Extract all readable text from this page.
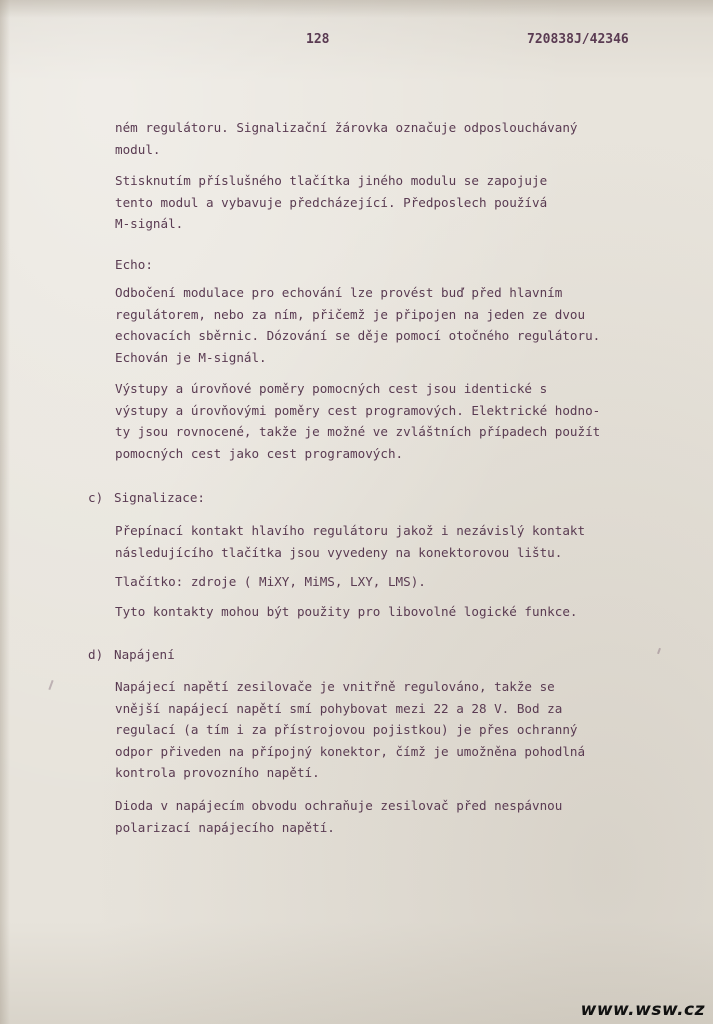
128	720838J/42346
ném regulátoru. Signalizační žárovka označuje odposlouchávaný
modul.
Stisknutím příslušného tlačítka jiného modulu se zapojuje
tento modul a vybavuje předcházející. Předposlech používá
M-signál.
Echo:
Odbočení modulace pro echování lze provést buď před hlavním
regulátorem, nebo za ním, přičemž je připojen na jeden ze dvou
echovacích sběrnic. Dózování se děje pomocí otočného regulátoru.
Echován je M-signál.
Výstupy a úrovňové poměry pomocných cest jsou identické s
výstupy a úrovňovými poměry cest programových. Elektrické hodno-
ty jsou rovnocené, takže je možné ve zvláštních případech použít
pomocných cest jako cest programových.
c) Signalizace:
Přepínací kontakt hlavího regulátoru jakož i nezávislý kontakt
následujícího tlačítka jsou vyvedeny na konektorovou lištu.
Tlačítko: zdroje ( MiXY, MiMS, LXY, LMS).
Tyto kontakty mohou být použity pro libovolné logické funkce.
d) Napájení
Napájecí napětí zesilovače je vnitřně regulováno, takže se
vnější napájecí napětí smí pohybovat mezi 22 a 28 V. Bod za
regulací (a tím i za přístrojovou pojistkou) je přes ochranný
odpor přiveden na přípojný konektor, čímž je umožněna pohodlná
kontrola provozního napětí.
Dioda v napájecím obvodu ochraňuje zesilovač před nespávnou
polarizací napájecího napětí.
www.wsw.cz
